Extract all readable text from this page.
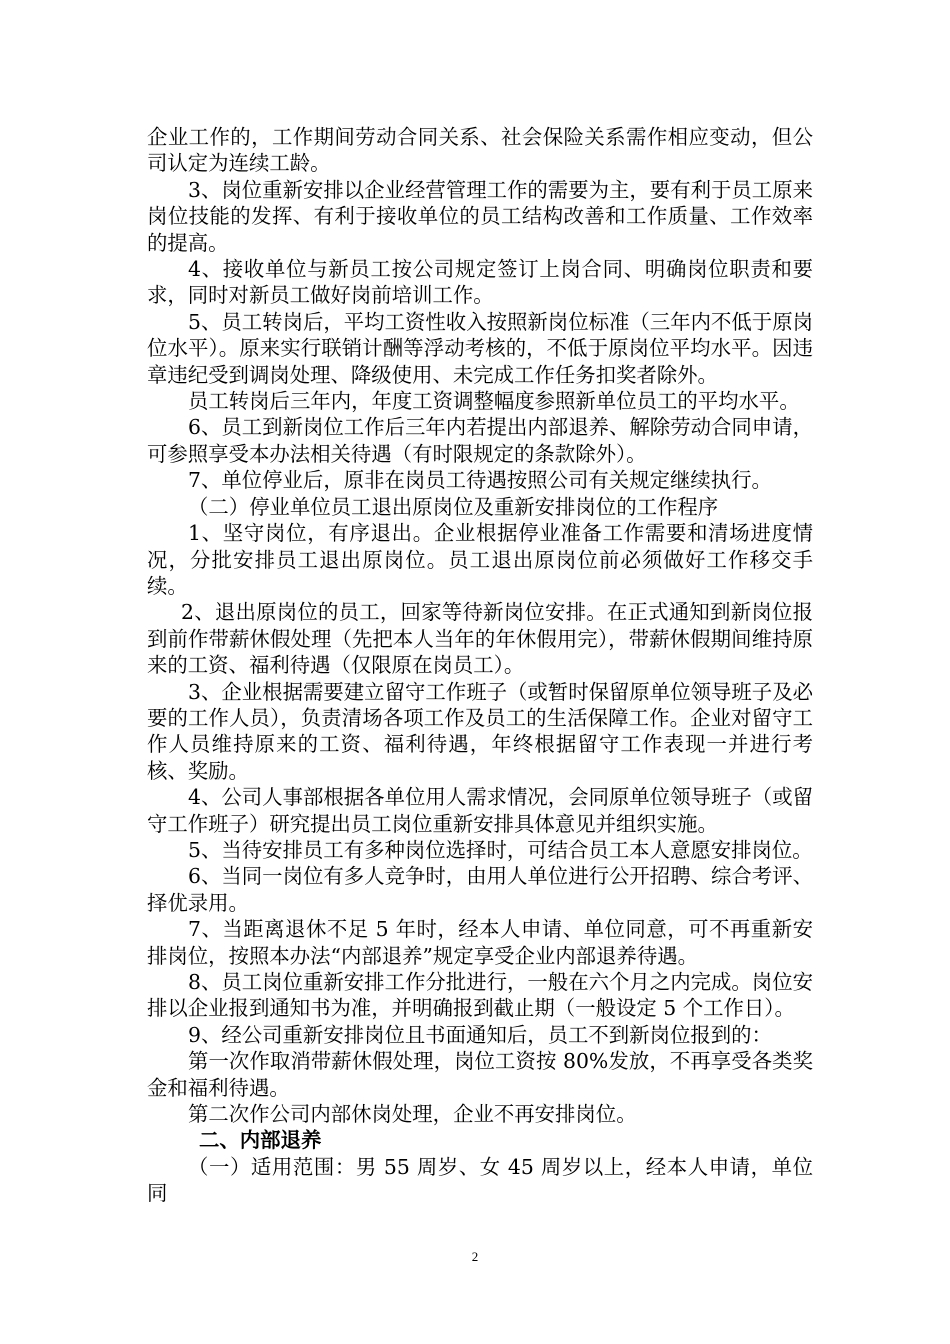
企业工作的，工作期间劳动合同关系、社会保险关系需作相应变动，但公司认定为连续工龄。

3、岗位重新安排以企业经营管理工作的需要为主，要有利于员工原来岗位技能的发挥、有利于接收单位的员工结构改善和工作质量、工作效率的提高。

4、接收单位与新员工按公司规定签订上岗合同、明确岗位职责和要求，同时对新员工做好岗前培训工作。

5、员工转岗后，平均工资性收入按照新岗位标准（三年内不低于原岗位水平）。原来实行联销计酬等浮动考核的，不低于原岗位平均水平。因违章违纪受到调岗处理、降级使用、未完成工作任务扣奖者除外。

员工转岗后三年内，年度工资调整幅度参照新单位员工的平均水平。

6、员工到新岗位工作后三年内若提出内部退养、解除劳动合同申请，可参照享受本办法相关待遇（有时限规定的条款除外）。

7、单位停业后，原非在岗员工待遇按照公司有关规定继续执行。

（二）停业单位员工退出原岗位及重新安排岗位的工作程序

1、坚守岗位，有序退出。企业根据停业准备工作需要和清场进度情况，分批安排员工退出原岗位。员工退出原岗位前必须做好工作移交手续。

2、退出原岗位的员工，回家等待新岗位安排。在正式通知到新岗位报到前作带薪休假处理（先把本人当年的年休假用完），带薪休假期间维持原来的工资、福利待遇（仅限原在岗员工）。

3、企业根据需要建立留守工作班子（或暂时保留原单位领导班子及必要的工作人员），负责清场各项工作及员工的生活保障工作。企业对留守工作人员维持原来的工资、福利待遇，年终根据留守工作表现一并进行考核、奖励。

4、公司人事部根据各单位用人需求情况，会同原单位领导班子（或留守工作班子）研究提出员工岗位重新安排具体意见并组织实施。

5、当待安排员工有多种岗位选择时，可结合员工本人意愿安排岗位。

6、当同一岗位有多人竞争时，由用人单位进行公开招聘、综合考评、择优录用。

7、当距离退休不足 5 年时，经本人申请、单位同意，可不再重新安排岗位，按照本办法“内部退养”规定享受企业内部退养待遇。

8、员工岗位重新安排工作分批进行，一般在六个月之内完成。岗位安排以企业报到通知书为准，并明确报到截止期（一般设定 5 个工作日）。

9、经公司重新安排岗位且书面通知后，员工不到新岗位报到的：

第一次作取消带薪休假处理，岗位工资按 80%发放，不再享受各类奖金和福利待遇。

第二次作公司内部休岗处理，企业不再安排岗位。

二、内部退养

（一）适用范围：男 55 周岁、女 45 周岁以上，经本人申请，单位同

2
